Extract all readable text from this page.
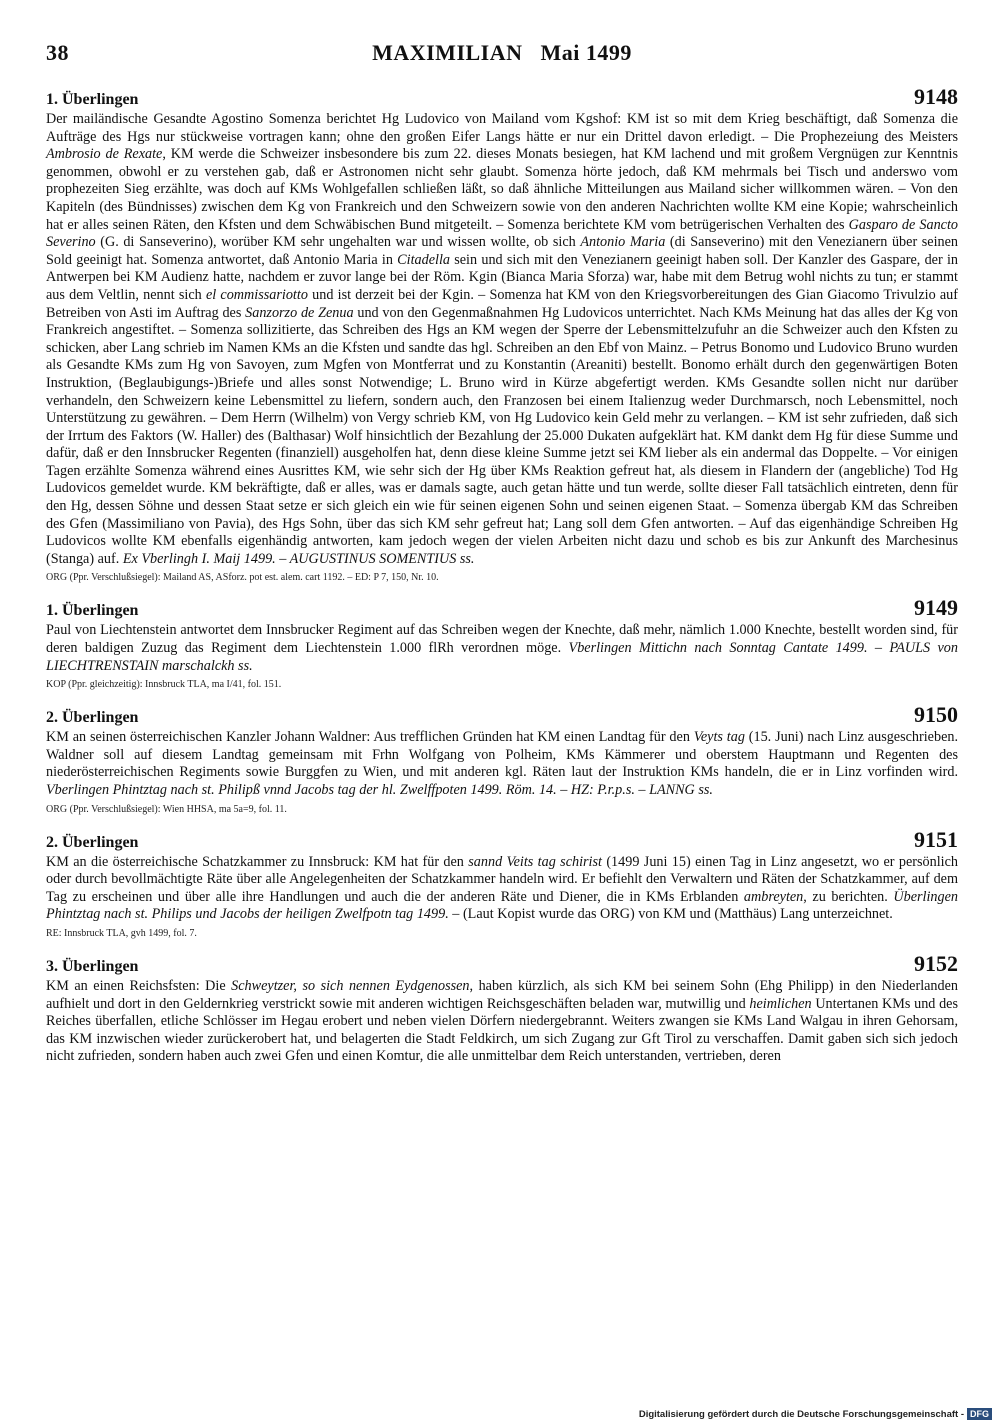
38	MAXIMILIAN   Mai 1499
1. Überlingen	9148
Der mailändische Gesandte Agostino Somenza berichtet Hg Ludovico von Mailand vom Kgshof: KM ist so mit dem Krieg beschäftigt, daß Somenza die Aufträge des Hgs nur stückweise vortragen kann; ohne den großen Eifer Langs hätte er nur ein Drittel davon erledigt. – Die Prophezeiung des Meisters Ambrosio de Rexate, KM werde die Schweizer insbesondere bis zum 22. dieses Monats besiegen, hat KM lachend und mit großem Vergnügen zur Kenntnis genommen, obwohl er zu verstehen gab, daß er Astronomen nicht sehr glaubt. Somenza hörte jedoch, daß KM mehrmals bei Tisch und anderswo vom prophezeiten Sieg erzählte, was doch auf KMs Wohlgefallen schließen läßt, so daß ähnliche Mitteilungen aus Mailand sicher willkommen wären. – Von den Kapiteln (des Bündnisses) zwischen dem Kg von Frankreich und den Schweizern sowie von den anderen Nachrichten wollte KM eine Kopie; wahrscheinlich hat er alles seinen Räten, den Kfsten und dem Schwäbischen Bund mitgeteilt. – Somenza berichtete KM vom betrügerischen Verhalten des Gasparo de Sancto Severino (G. di Sanseverino), worüber KM sehr ungehalten war und wissen wollte, ob sich Antonio Maria (di Sanseverino) mit den Venezianern über seinen Sold geeinigt hat. Somenza antwortet, daß Antonio Maria in Citadella sein und sich mit den Venezianern geeinigt haben soll. Der Kanzler des Gaspare, der in Antwerpen bei KM Audienz hatte, nachdem er zuvor lange bei der Röm. Kgin (Bianca Maria Sforza) war, habe mit dem Betrug wohl nichts zu tun; er stammt aus dem Veltlin, nennt sich el commissariotto und ist derzeit bei der Kgin. – Somenza hat KM von den Kriegsvorbereitungen des Gian Giacomo Trivulzio auf Betreiben von Asti im Auftrag des Sanzorzo de Zenua und von den Gegenmaßnahmen Hg Ludovicos unterrichtet. Nach KMs Meinung hat das alles der Kg von Frankreich angestiftet. – Somenza sollizitierte, das Schreiben des Hgs an KM wegen der Sperre der Lebensmittelzufuhr an die Schweizer auch den Kfsten zu schicken, aber Lang schrieb im Namen KMs an die Kfsten und sandte das hgl. Schreiben an den Ebf von Mainz. – Petrus Bonomo und Ludovico Bruno wurden als Gesandte KMs zum Hg von Savoyen, zum Mgfen von Montferrat und zu Konstantin (Areaniti) bestellt. Bonomo erhält durch den gegenwärtigen Boten Instruktion, (Beglaubigungs-)Briefe und alles sonst Notwendige; L. Bruno wird in Kürze abgefertigt werden. KMs Gesandte sollen nicht nur darüber verhandeln, den Schweizern keine Lebensmittel zu liefern, sondern auch, den Franzosen bei einem Italienzug weder Durchmarsch, noch Lebensmittel, noch Unterstützung zu gewähren. – Dem Herrn (Wilhelm) von Vergy schrieb KM, von Hg Ludovico kein Geld mehr zu verlangen. – KM ist sehr zufrieden, daß sich der Irrtum des Faktors (W. Haller) des (Balthasar) Wolf hinsichtlich der Bezahlung der 25.000 Dukaten aufgeklärt hat. KM dankt dem Hg für diese Summe und dafür, daß er den Innsbrucker Regenten (finanziell) ausgeholfen hat, denn diese kleine Summe jetzt sei KM lieber als ein andermal das Doppelte. – Vor einigen Tagen erzählte Somenza während eines Ausrittes KM, wie sehr sich der Hg über KMs Reaktion gefreut hat, als diesem in Flandern der (angebliche) Tod Hg Ludovicos gemeldet wurde. KM bekräftigte, daß er alles, was er damals sagte, auch getan hätte und tun werde, sollte dieser Fall tatsächlich eintreten, denn für den Hg, dessen Söhne und dessen Staat setze er sich gleich ein wie für seinen eigenen Sohn und seinen eigenen Staat. – Somenza übergab KM das Schreiben des Gfen (Massimiliano von Pavia), des Hgs Sohn, über das sich KM sehr gefreut hat; Lang soll dem Gfen antworten. – Auf das eigenhändige Schreiben Hg Ludovicos wollte KM ebenfalls eigenhändig antworten, kam jedoch wegen der vielen Arbeiten nicht dazu und schob es bis zur Ankunft des Marchesinus (Stanga) auf. Ex Vberlingh I. Maij 1499. – AUGUSTINUS SOMENTIUS ss.
ORG (Ppr. Verschlußsiegel): Mailand AS, ASforz. pot est. alem. cart 1192. – ED: P 7, 150, Nr. 10.
1. Überlingen	9149
Paul von Liechtenstein antwortet dem Innsbrucker Regiment auf das Schreiben wegen der Knechte, daß mehr, nämlich 1.000 Knechte, bestellt worden sind, für deren baldigen Zuzug das Regiment dem Liechtenstein 1.000 flRh verordnen möge. Vberlingen Mittichn nach Sonntag Cantate 1499. – PAULS von LIECHTRENSTAIN marschalckh ss.
KOP (Ppr. gleichzeitig): Innsbruck TLA, ma I/41, fol. 151.
2. Überlingen	9150
KM an seinen österreichischen Kanzler Johann Waldner: Aus trefflichen Gründen hat KM einen Landtag für den Veyts tag (15. Juni) nach Linz ausgeschrieben. Waldner soll auf diesem Landtag gemeinsam mit Frhn Wolfgang von Polheim, KMs Kämmerer und oberstem Hauptmann und Regenten des niederösterreichischen Regiments sowie Burggfen zu Wien, und mit anderen kgl. Räten laut der Instruktion KMs handeln, die er in Linz vorfinden wird. Vberlingen Phintztag nach st. Philipß vnnd Jacobs tag der hl. Zwelffpoten 1499. Röm. 14. – HZ: P.r.p.s. – LANNG ss.
ORG (Ppr. Verschlußsiegel): Wien HHSA, ma 5a=9, fol. 11.
2. Überlingen	9151
KM an die österreichische Schatzkammer zu Innsbruck: KM hat für den sannd Veits tag schirist (1499 Juni 15) einen Tag in Linz angesetzt, wo er persönlich oder durch bevollmächtigte Räte über alle Angelegenheiten der Schatzkammer handeln wird. Er befiehlt den Verwaltern und Räten der Schatzkammer, auf dem Tag zu erscheinen und über alle ihre Handlungen und auch die der anderen Räte und Diener, die in KMs Erblanden ambreyten, zu berichten. Überlingen Phintztag nach st. Philips und Jacobs der heiligen Zwelfpotn tag 1499. – (Laut Kopist wurde das ORG) von KM und (Matthäus) Lang unterzeichnet.
RE: Innsbruck TLA, gvh 1499, fol. 7.
3. Überlingen	9152
KM an einen Reichsfsten: Die Schweytzer, so sich nennen Eydgenossen, haben kürzlich, als sich KM bei seinem Sohn (Ehg Philipp) in den Niederlanden aufhielt und dort in den Geldernkrieg verstrickt sowie mit anderen wichtigen Reichsgeschäften beladen war, mutwillig und heimlichen Untertanen KMs und des Reiches überfallen, etliche Schlösser im Hegau erobert und neben vielen Dörfern niedergebrannt. Weiters zwangen sie KMs Land Walgau in ihren Gehorsam, das KM inzwischen wieder zurückerobert hat, und belagerten die Stadt Feldkirch, um sich Zugang zur Gft Tirol zu verschaffen. Damit gaben sich sich jedoch nicht zufrieden, sondern haben auch zwei Gfen und einen Komtur, die alle unmittelbar dem Reich unterstanden, vertrieben, deren
Digitalisierung gefördert durch die Deutsche Forschungsgemeinschaft - DFG
